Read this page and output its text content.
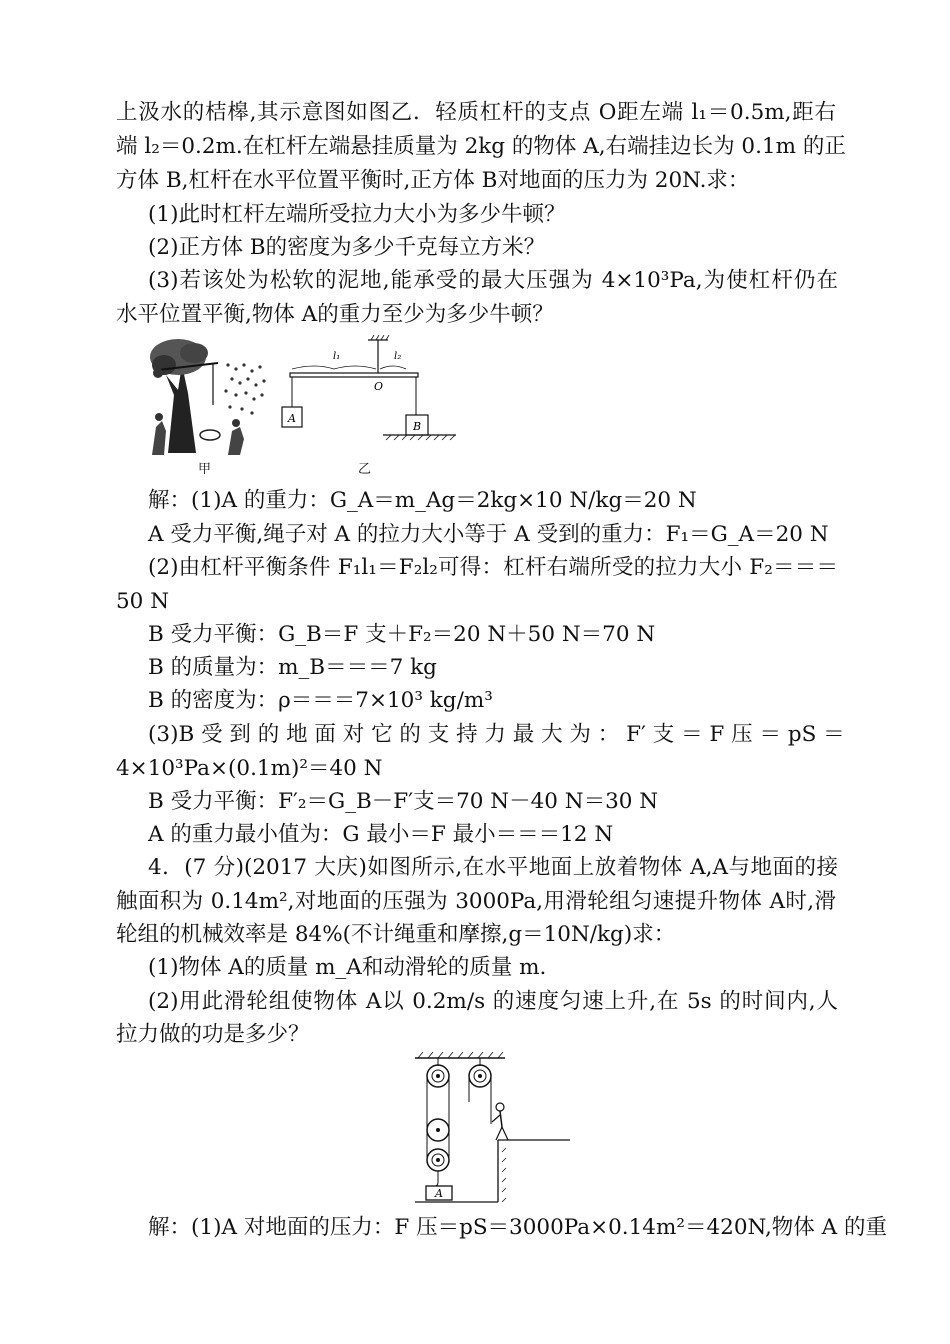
上汲水的桔槔,其示意图如图乙．轻质杠杆的支点 O距左端 l₁＝0.5m,距右
端 l₂＝0.2m.在杠杆左端悬挂质量为 2kg 的物体 A,右端挂边长为 0.1m 的正
方体 B,杠杆在水平位置平衡时,正方体 B对地面的压力为 20N.求：
(1)此时杠杆左端所受拉力大小为多少牛顿？
(2)正方体 B的密度为多少千克每立方米？
(3)若该处为松软的泥地,能承受的最大压强为 4×10³Pa,为使杠杆仍在
水平位置平衡,物体 A的重力至少为多少牛顿？
甲
l₁	l₂
O
A
B
乙
解：(1)A 的重力：G_A＝m_Ag＝2kg×10 N/kg＝20 N
A 受力平衡,绳子对 A 的拉力大小等于 A 受到的重力：F₁＝G_A＝20 N
(2)由杠杆平衡条件 F₁l₁＝F₂l₂可得：杠杆右端所受的拉力大小 F₂＝＝＝
50 N
B 受力平衡：G_B＝F 支＋F₂＝20 N＋50 N＝70 N
B 的质量为：m_B＝＝＝7 kg
B 的密度为：ρ＝＝＝7×10³ kg/m³
(3)B 受 到 的 地 面 对 它 的 支 持 力 最 大 为 ： F′ 支 ＝ F 压 ＝ pS ＝
4×10³Pa×(0.1m)²＝40 N
B 受力平衡：F′₂＝G_B－F′支＝70 N－40 N＝30 N
A 的重力最小值为：G 最小＝F 最小＝＝＝12 N
4．(7 分)(2017 大庆)如图所示,在水平地面上放着物体 A,A与地面的接
触面积为 0.14m²,对地面的压强为 3000Pa,用滑轮组匀速提升物体 A时,滑
轮组的机械效率是 84%(不计绳重和摩擦,g＝10N/kg)求：
(1)物体 A的质量 m_A和动滑轮的质量 m.
(2)用此滑轮组使物体 A以 0.2m/s 的速度匀速上升,在 5s 的时间内,人
拉力做的功是多少？
A
解：(1)A 对地面的压力：F 压＝pS＝3000Pa×0.14m²＝420N,物体 A 的重
